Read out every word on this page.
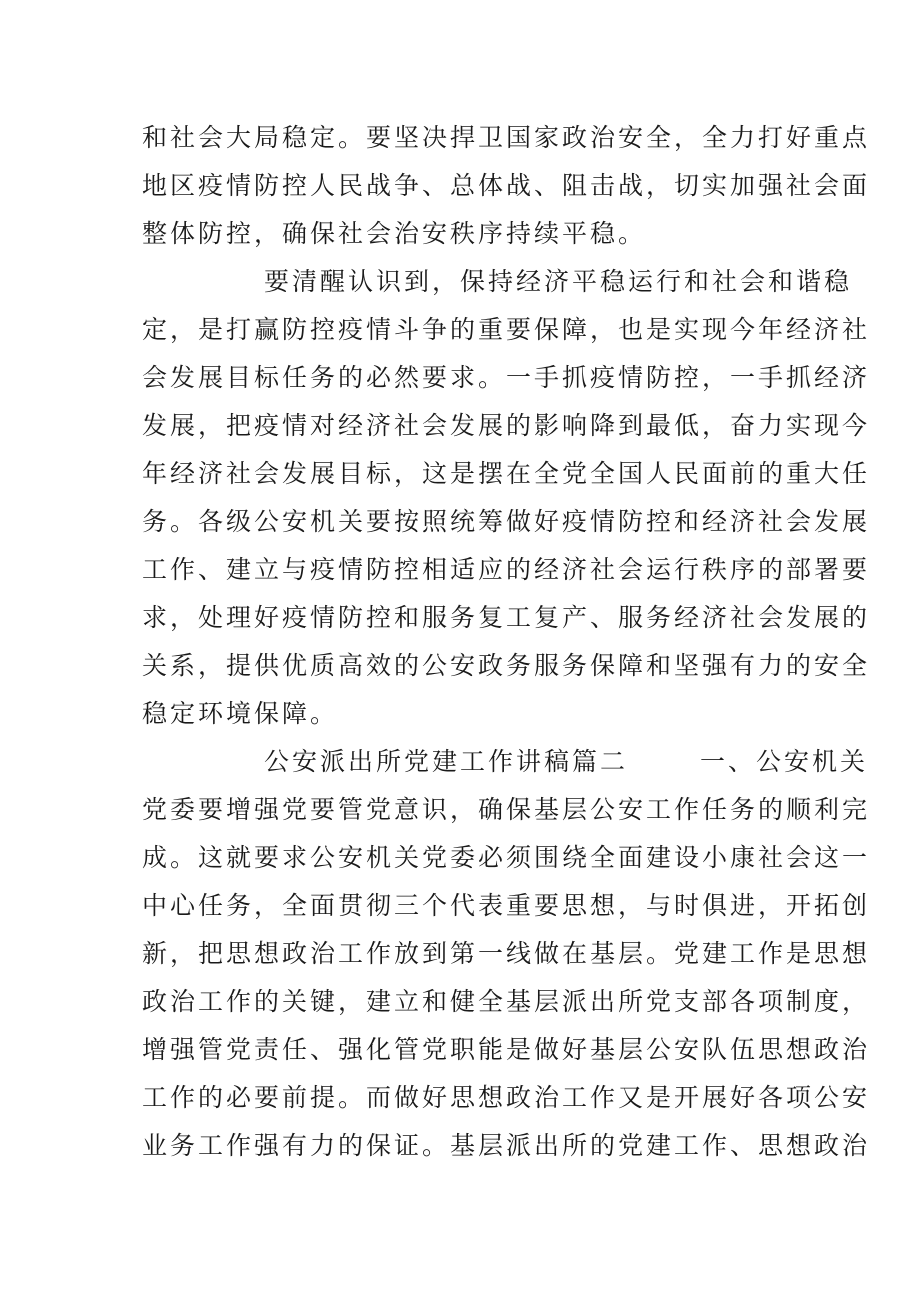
和社会大局稳定。要坚决捍卫国家政治安全，全力打好重点
地区疫情防控人民战争、总体战、阻击战，切实加强社会面
整体防控，确保社会治安秩序持续平稳。
要清醒认识到，保持经济平稳运行和社会和谐稳
定，是打赢防控疫情斗争的重要保障，也是实现今年经济社
会发展目标任务的必然要求。一手抓疫情防控，一手抓经济
发展，把疫情对经济社会发展的影响降到最低，奋力实现今
年经济社会发展目标，这是摆在全党全国人民面前的重大任
务。各级公安机关要按照统筹做好疫情防控和经济社会发展
工作、建立与疫情防控相适应的经济社会运行秩序的部署要
求，处理好疫情防控和服务复工复产、服务经济社会发展的
关系，提供优质高效的公安政务服务保障和坚强有力的安全
稳定环境保障。
公安派出所党建工作讲稿篇二	一、公安机关
党委要增强党要管党意识，确保基层公安工作任务的顺利完
成。这就要求公安机关党委必须围绕全面建设小康社会这一
中心任务，全面贯彻三个代表重要思想，与时俱进，开拓创
新，把思想政治工作放到第一线做在基层。党建工作是思想
政治工作的关键，建立和健全基层派出所党支部各项制度，
增强管党责任、强化管党职能是做好基层公安队伍思想政治
工作的必要前提。而做好思想政治工作又是开展好各项公安
业务工作强有力的保证。基层派出所的党建工作、思想政治
